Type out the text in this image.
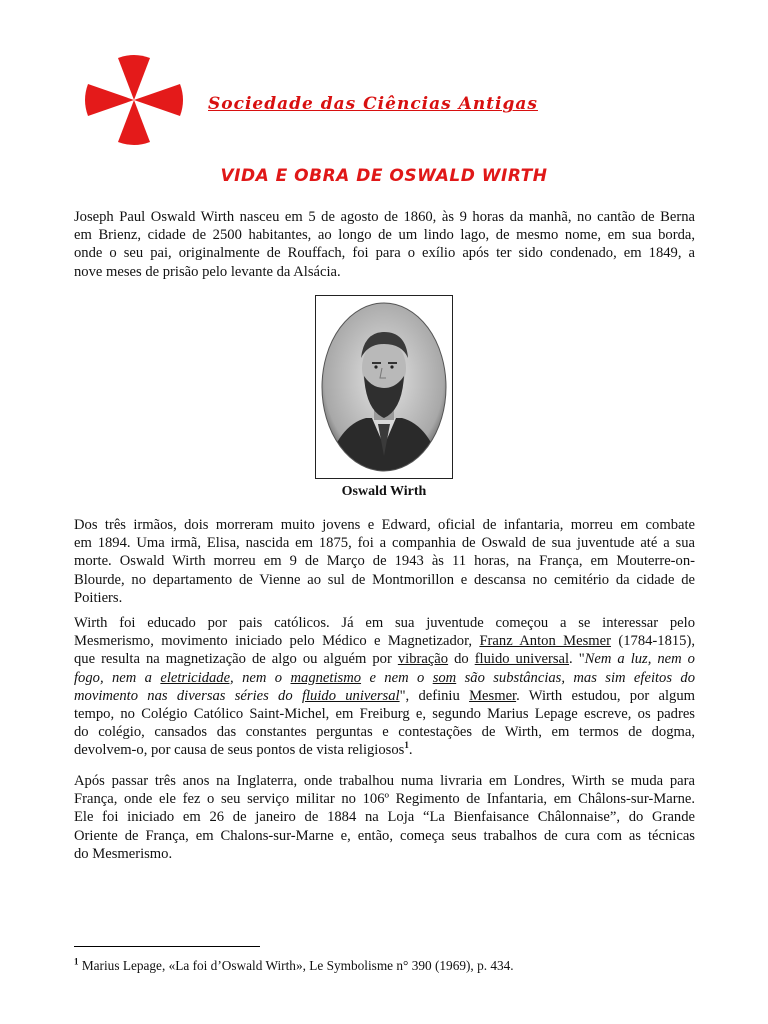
Sociedade das Ciências Antigas
VIDA E OBRA DE OSWALD WIRTH
Joseph Paul Oswald Wirth nasceu em 5 de agosto de 1860, às 9 horas da manhã, no cantão de Berna
em Brienz, cidade de 2500 habitantes, ao longo de um lindo lago, de mesmo nome, em sua borda,
onde o seu pai, originalmente de Rouffach, foi para o exílio após ter sido condenado, em 1849, a
nove meses de prisão pelo levante da Alsácia.
Oswald Wirth
Dos três irmãos, dois morreram muito jovens e Edward, oficial de infantaria, morreu em combate
em 1894. Uma irmã, Elisa, nascida em 1875, foi a companhia de Oswald de sua juventude até a sua
morte. Oswald Wirth morreu em 9 de Março de 1943 às 11 horas, na França, em Mouterre-on-
Blourde, no departamento de Vienne ao sul de Montmorillon e descansa no cemitério da cidade de
Poitiers.
Wirth foi educado por pais católicos. Já em sua juventude começou a se interessar pelo
Mesmerismo, movimento iniciado pelo Médico e Magnetizador, Franz Anton Mesmer (1784-1815),
que resulta na magnetização de algo ou alguém por vibração do fluido universal. "Nem a luz, nem o
fogo, nem a eletricidade, nem o magnetismo e nem o som são substâncias, mas sim efeitos do
movimento nas diversas séries do fluido universal", definiu Mesmer. Wirth estudou, por algum
tempo, no Colégio Católico Saint-Michel, em Freiburg e, segundo Marius Lepage escreve, os padres
do colégio, cansados das constantes perguntas e contestações de Wirth, em termos de dogma,
devolvem-o, por causa de seus pontos de vista religiosos$^1$.
Após passar três anos na Inglaterra, onde trabalhou numa livraria em Londres, Wirth se muda para
França, onde ele fez o seu serviço militar no 106º Regimento de Infantaria, em Châlons-sur-Marne.
Ele foi iniciado em 26 de janeiro de 1884 na Loja “La Bienfaisance Châlonnaise”, do Grande
Oriente de França, em Chalons-sur-Marne e, então, começa seus trabalhos de cura com as técnicas
do Mesmerismo.
$^1$ Marius Lepage, «La foi d’Oswald Wirth», Le Symbolisme n° 390 (1969), p. 434.
